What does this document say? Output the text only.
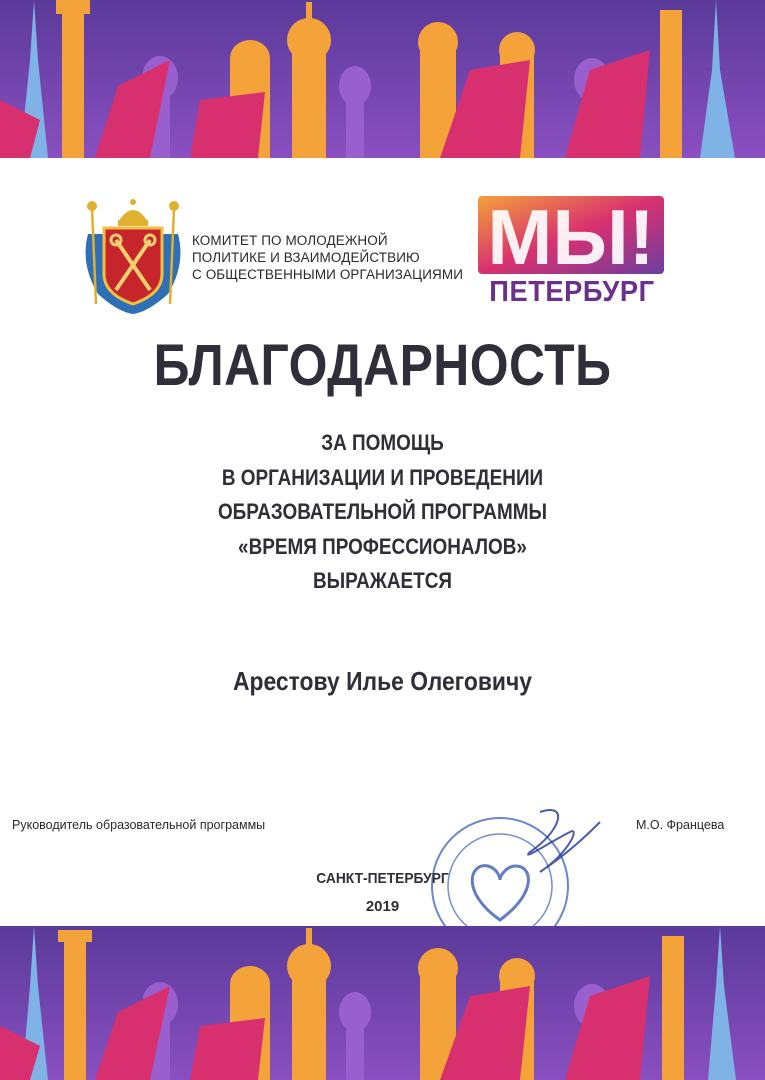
КОМИТЕТ ПО МОЛОДЕЖНОЙ
ПОЛИТИКЕ И ВЗАИМОДЕЙСТВИЮ
С ОБЩЕСТВЕННЫМИ ОРГАНИЗАЦИЯМИ МЫ!
ПЕТЕРБУРГ
БЛАГОДАРНОСТЬ
ЗА ПОМОЩЬ
В ОРГАНИЗАЦИИ И ПРОВЕДЕНИИ
ОБРАЗОВАТЕЛЬНОЙ ПРОГРАММЫ
«ВРЕМЯ ПРОФЕССИОНАЛОВ»
ВЫРАЖАЕТСЯ
Арестову Илье Олеговичу
Руководитель образовательной программы	М.О. Францева
САНКТ-ПЕТЕРБУРГ
2019
